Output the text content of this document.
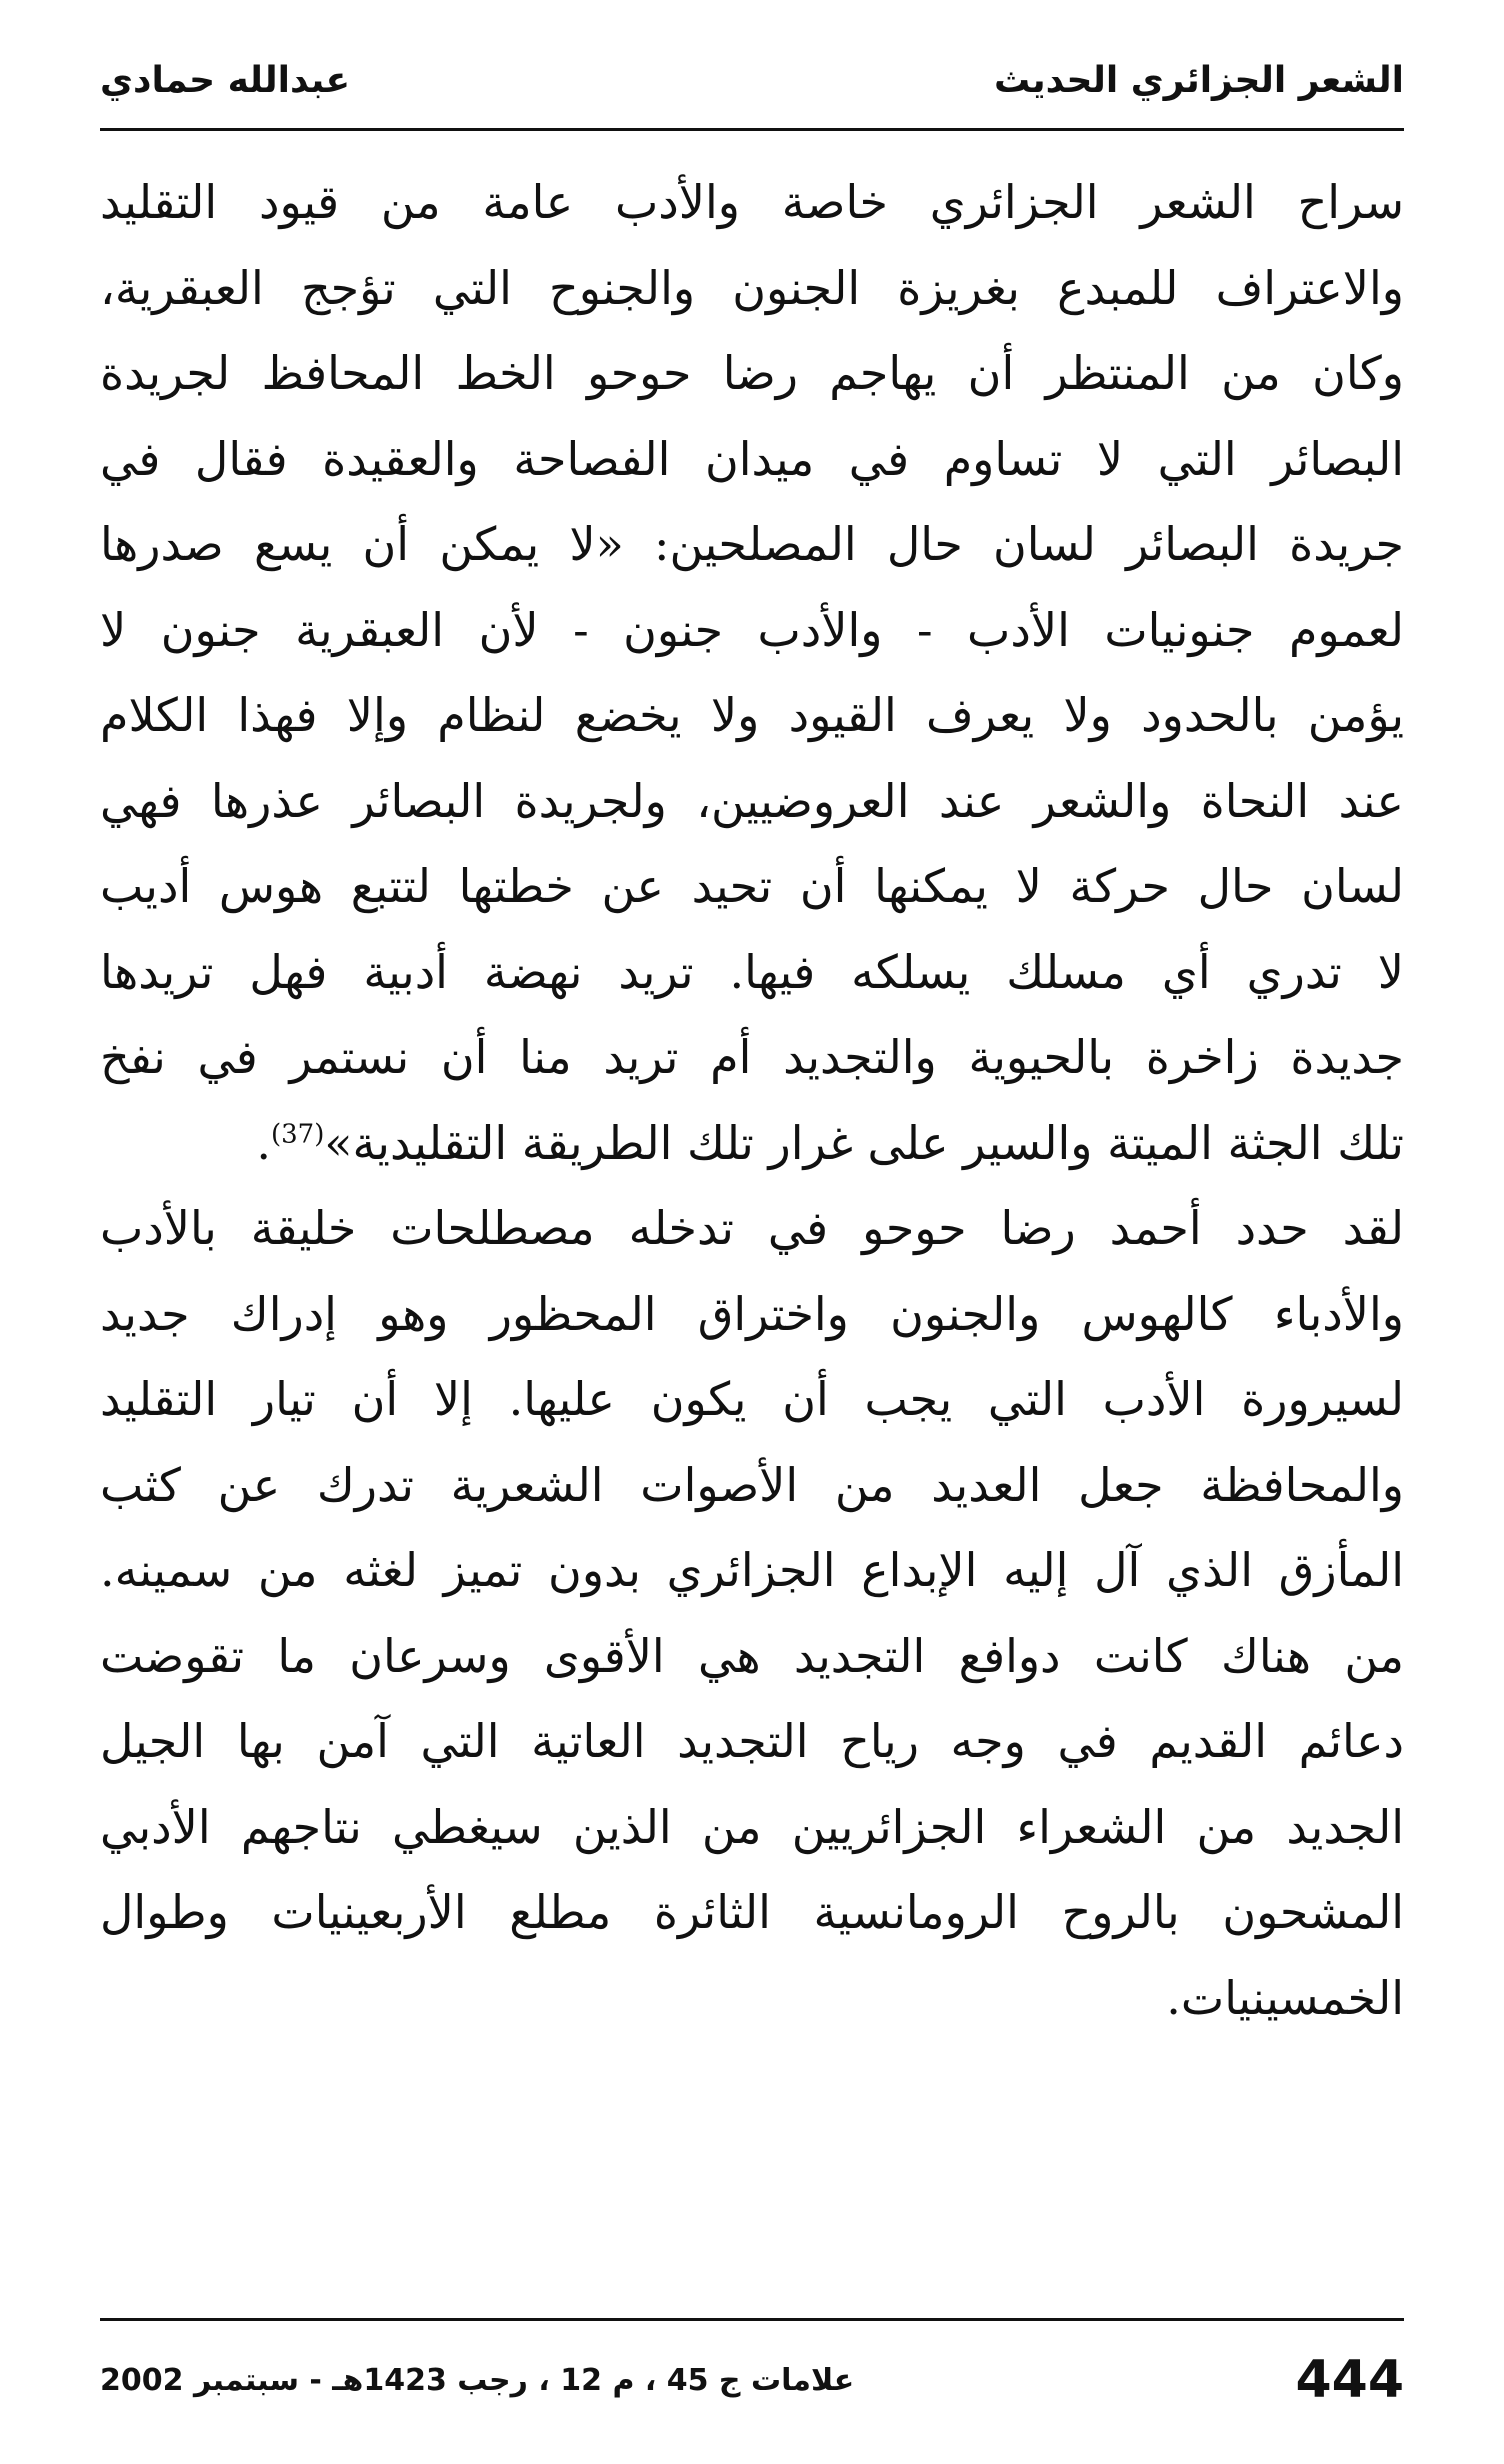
الشعر الجزائري الحديث
عبدالله حمادي
سراح الشعر الجزائري خاصة والأدب عامة من قيود التقليد
والاعتراف للمبدع بغريزة الجنون والجنوح التي تؤجج العبقرية،
وكان من المنتظر أن يهاجم رضا حوحو الخط المحافظ لجريدة
البصائر التي لا تساوم في ميدان الفصاحة والعقيدة فقال في
جريدة البصائر لسان حال المصلحين: «لا يمكن أن يسع صدرها
لعموم جنونيات الأدب - والأدب جنون - لأن العبقرية جنون لا
يؤمن بالحدود ولا يعرف القيود ولا يخضع لنظام وإلا فهذا الكلام
عند النحاة والشعر عند العروضيين، ولجريدة البصائر عذرها فهي
لسان حال حركة لا يمكنها أن تحيد عن خطتها لتتبع هوس أديب
لا تدري أي مسلك يسلكه فيها. تريد نهضة أدبية فهل تريدها
جديدة زاخرة بالحيوية والتجديد أم تريد منا أن نستمر في نفخ
تلك الجثة الميتة والسير على غرار تلك الطريقة التقليدية»$^{(37)}$.
لقد حدد أحمد رضا حوحو في تدخله مصطلحات خليقة بالأدب
والأدباء كالهوس والجنون واختراق المحظور وهو إدراك جديد
لسيرورة الأدب التي يجب أن يكون عليها. إلا أن تيار التقليد
والمحافظة جعل العديد من الأصوات الشعرية تدرك عن كثب
المأزق الذي آل إليه الإبداع الجزائري بدون تميز لغثه من سمينه.
من هناك كانت دوافع التجديد هي الأقوى وسرعان ما تقوضت
دعائم القديم في وجه رياح التجديد العاتية التي آمن بها الجيل
الجديد من الشعراء الجزائريين من الذين سيغطي نتاجهم الأدبي
المشحون بالروح الرومانسية الثائرة مطلع الأربعينيات وطوال
الخمسينيات.
444
علامات ج 45 ، م 12 ، رجب 1423هـ - سبتمبر 2002
